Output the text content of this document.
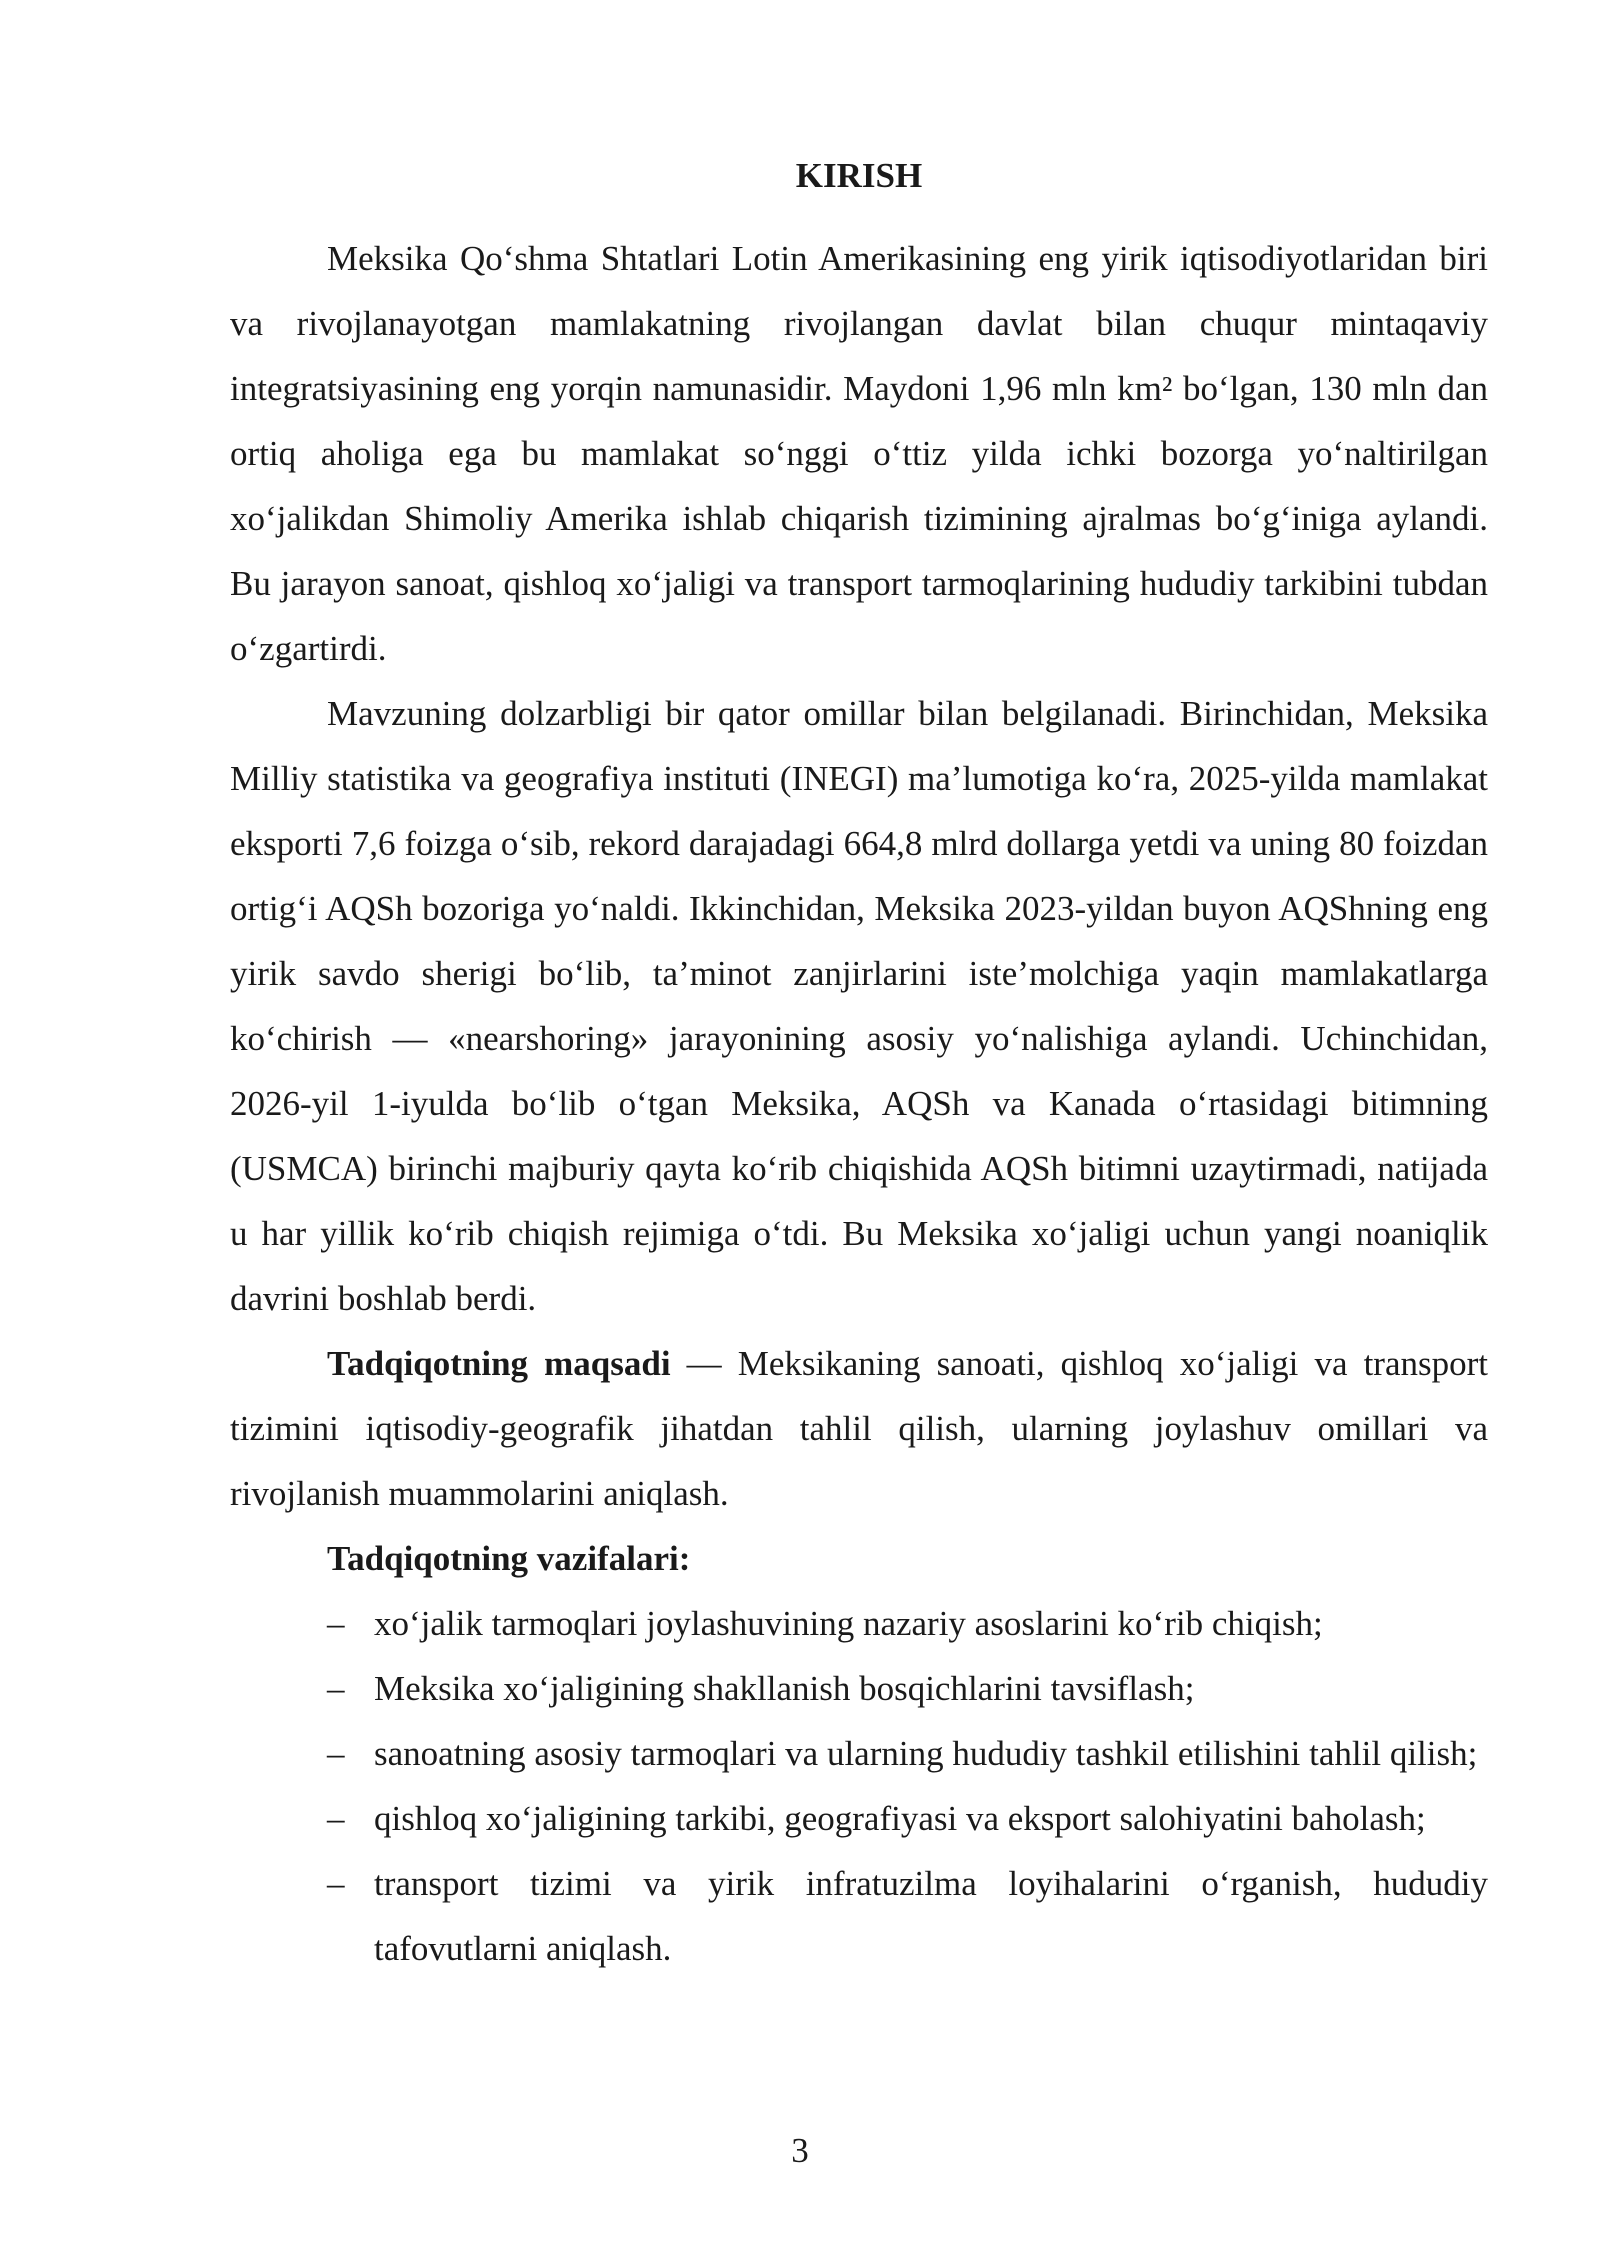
KIRISH

Meksika Qo‘shma Shtatlari Lotin Amerikasining eng yirik iqtisodiyotlaridan biri va rivojlanayotgan mamlakatning rivojlangan davlat bilan chuqur mintaqaviy integratsiyasining eng yorqin namunasidir. Maydoni 1,96 mln km² bo‘lgan, 130 mln dan ortiq aholiga ega bu mamlakat so‘nggi o‘ttiz yilda ichki bozorga yo‘naltirilgan xo‘jalikdan Shimoliy Amerika ishlab chiqarish tizimining ajralmas bo‘g‘iniga aylandi. Bu jarayon sanoat, qishloq xo‘jaligi va transport tarmoqlarining hududiy tarkibini tubdan o‘zgartirdi.

Mavzuning dolzarbligi bir qator omillar bilan belgilanadi. Birinchidan, Meksika Milliy statistika va geografiya instituti (INEGI) ma’lumotiga ko‘ra, 2025-yilda mamlakat eksporti 7,6 foizga o‘sib, rekord darajadagi 664,8 mlrd dollarga yetdi va uning 80 foizdan ortig‘i AQSh bozoriga yo‘naldi. Ikkinchidan, Meksika 2023-yildan buyon AQShning eng yirik savdo sherigi bo‘lib, ta’minot zanjirlarini iste’molchiga yaqin mamlakatlarga ko‘chirish — «nearshoring» jarayonining asosiy yo‘nalishiga aylandi. Uchinchidan, 2026-yil 1-iyulda bo‘lib o‘tgan Meksika, AQSh va Kanada o‘rtasidagi bitimning (USMCA) birinchi majburiy qayta ko‘rib chiqishida AQSh bitimni uzaytirmadi, natijada u har yillik ko‘rib chiqish rejimiga o‘tdi. Bu Meksika xo‘jaligi uchun yangi noaniqlik davrini boshlab berdi.

Tadqiqotning maqsadi — Meksikaning sanoati, qishloq xo‘jaligi va transport tizimini iqtisodiy-geografik jihatdan tahlil qilish, ularning joylashuv omillari va rivojlanish muammolarini aniqlash.

Tadqiqotning vazifalari:

– xo‘jalik tarmoqlari joylashuvining nazariy asoslarini ko‘rib chiqish;
– Meksika xo‘jaligining shakllanish bosqichlarini tavsiflash;
– sanoatning asosiy tarmoqlari va ularning hududiy tashkil etilishini tahlil qilish;
– qishloq xo‘jaligining tarkibi, geografiyasi va eksport salohiyatini baholash;
– transport tizimi va yirik infratuzilma loyihalarini o‘rganish, hududiy tafovutlarni aniqlash.
3
